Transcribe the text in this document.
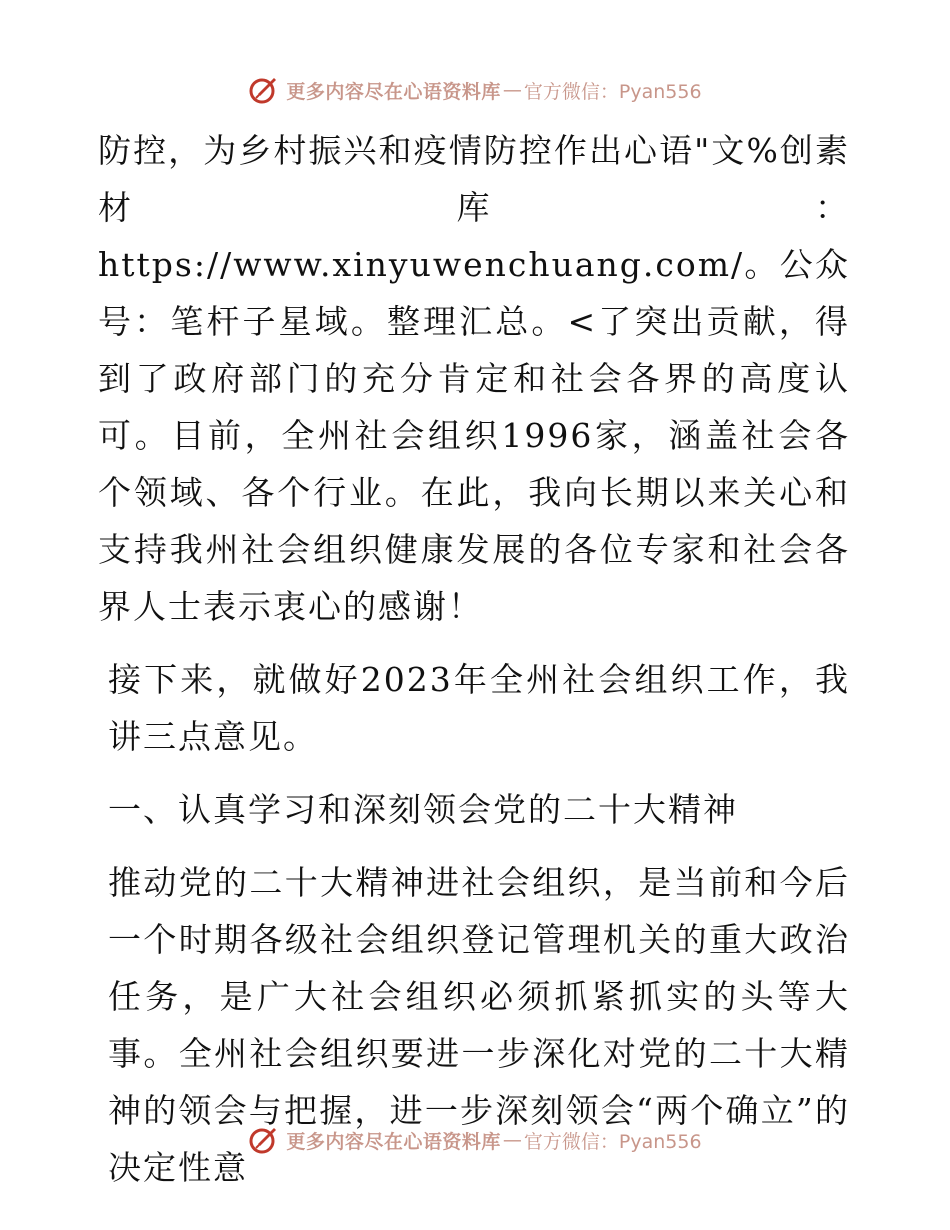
更多内容尽在心语资料库 — 官方微信：Pyan556

防控，为乡村振兴和疫情防控作出心语"文%创素材库：https://www.xinyuwenchuang.com/。公众号：笔杆子星域。整理汇总。<了突出贡献，得到了政府部门的充分肯定和社会各界的高度认可。目前，全州社会组织1996家，涵盖社会各个领域、各个行业。在此，我向长期以来关心和支持我州社会组织健康发展的各位专家和社会各界人士表示衷心的感谢！

接下来，就做好2023年全州社会组织工作，我讲三点意见。

一、认真学习和深刻领会党的二十大精神

推动党的二十大精神进社会组织，是当前和今后一个时期各级社会组织登记管理机关的重大政治任务，是广大社会组织必须抓紧抓实的头等大事。全州社会组织要进一步深化对党的二十大精神的领会与把握，进一步深刻领会“两个确立”的决定性意

更多内容尽在心语资料库 — 官方微信：Pyan556
